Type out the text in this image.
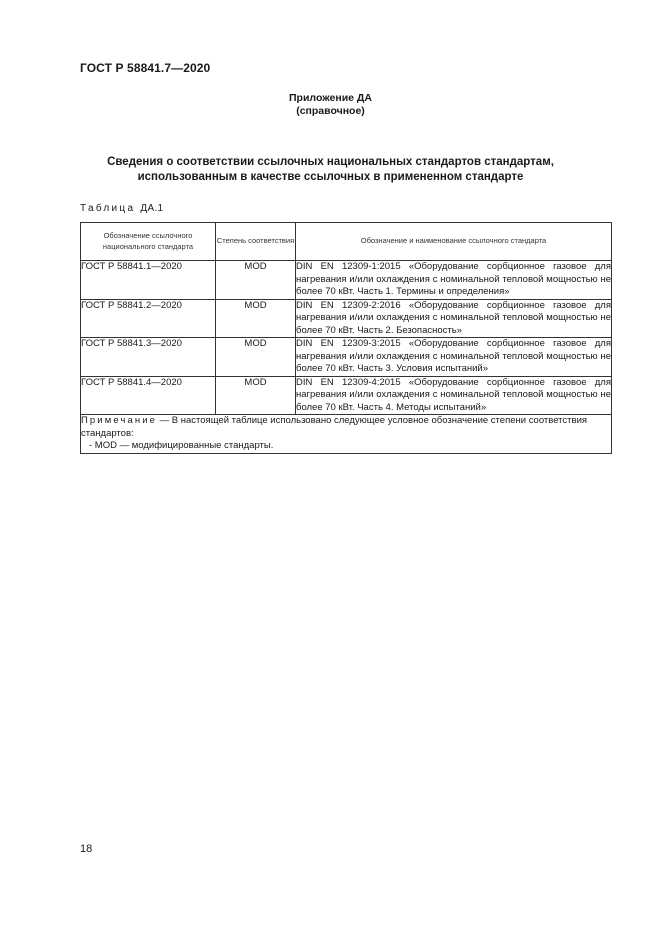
ГОСТ Р 58841.7—2020
Приложение ДА
(справочное)
Сведения о соответствии ссылочных национальных стандартов стандартам,
использованным в качестве ссылочных в примененном стандарте
Таблица ДА.1
Обозначение ссылочного национального стандарта	Степень соответствия	Обозначение и наименование ссылочного стандарта
ГОСТ Р 58841.1—2020	MOD	DIN EN 12309-1:2015 «Оборудование сорбционное газовое для нагревания и/или охлаждения с номинальной тепловой мощностью не более 70 кВт. Часть 1. Термины и определения»
ГОСТ Р 58841.2—2020	MOD	DIN EN 12309-2:2016 «Оборудование сорбционное газовое для нагревания и/или охлаждения с номинальной тепловой мощностью не более 70 кВт. Часть 2. Безопасность»
ГОСТ Р 58841.3—2020	MOD	DIN EN 12309-3:2015 «Оборудование сорбционное газовое для нагревания и/или охлаждения с номинальной тепловой мощностью не более 70 кВт. Часть 3. Условия испытаний»
ГОСТ Р 58841.4—2020	MOD	DIN EN 12309-4:2015 «Оборудование сорбционное газовое для нагревания и/или охлаждения с номинальной тепловой мощностью не более 70 кВт. Часть 4. Методы испытаний»
Примечание — В настоящей таблице использовано следующее условное обозначение степени соответствия стандартов:
- MOD — модифицированные стандарты.		
18
